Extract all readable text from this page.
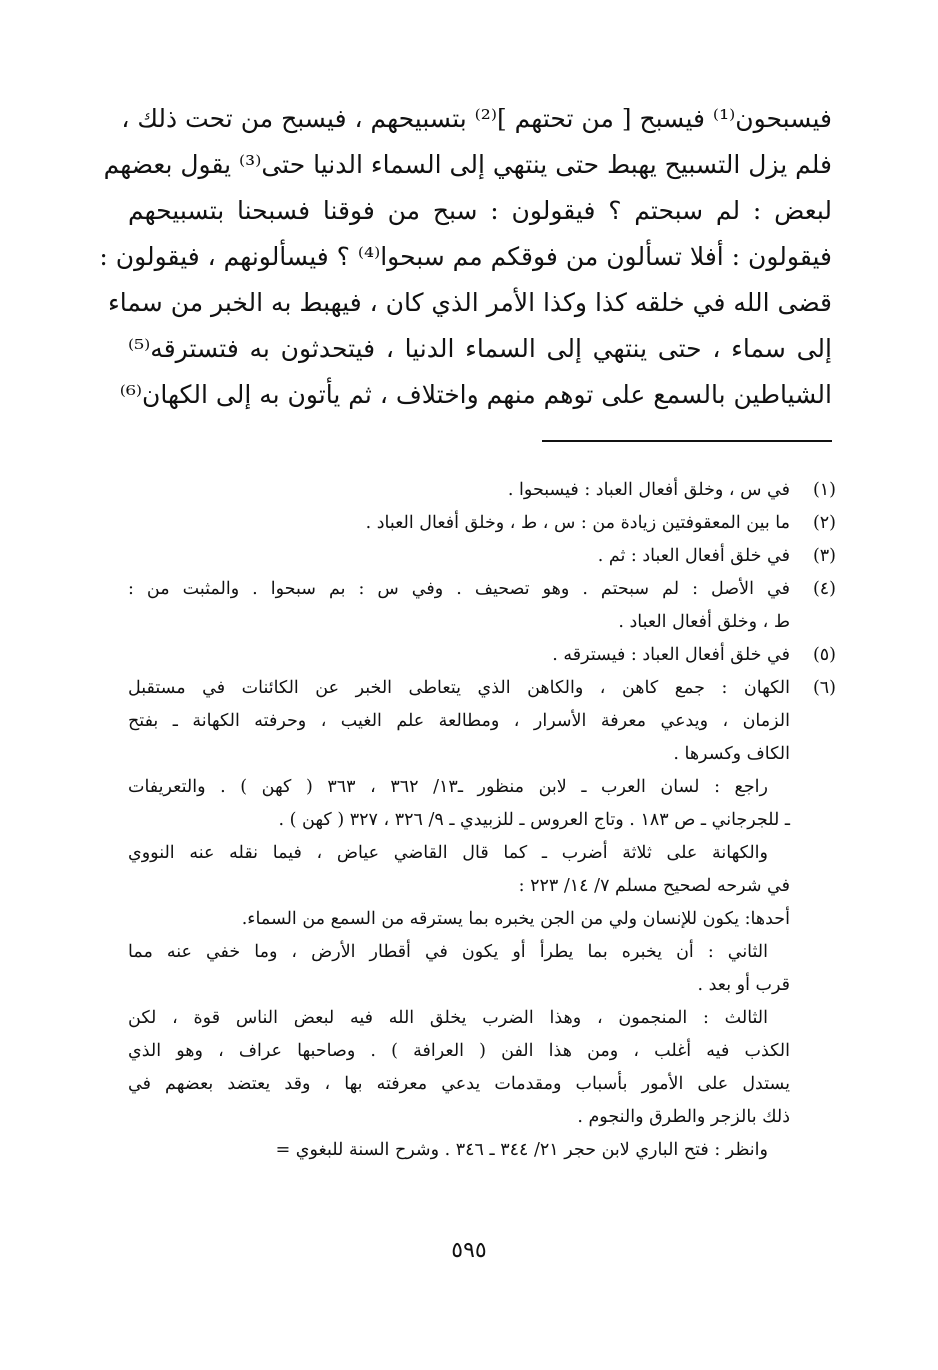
فيسبحون⁽¹⁾ فيسبح [ من تحتهم ]⁽²⁾ بتسبيحهم ، فيسبح من تحت ذلك ،
فلم يزل التسبيح يهبط حتى ينتهي إلى السماء الدنيا حتى⁽³⁾ يقول بعضهم
لبعض : لم سبحتم ؟ فيقولون : سبح من فوقنا فسبحنا بتسبيحهم
فيقولون : أفلا تسألون من فوقكم مم سبحوا⁽⁴⁾ ؟ فيسألونهم ، فيقولون :
قضى الله في خلقه كذا وكذا الأمر الذي كان ، فيهبط به الخبر من سماء
إلى سماء ، حتى ينتهي إلى السماء الدنيا ، فيتحدثون به فتسترقه⁽⁵⁾
الشياطين بالسمع على توهم منهم واختلاف ، ثم يأتون به إلى الكهان⁽⁶⁾
(١)
في س ، وخلق أفعال العباد : فيسبحوا .
(٢)
ما بين المعقوفتين زيادة من : س ، ط ، وخلق أفعال العباد .
(٣)
في خلق أفعال العباد : ثم .
(٤)
في الأصل : لم سبحتم . وهو تصحيف . وفي س : بم سبحوا . والمثبت من :
ط ، وخلق أفعال العباد .
(٥)
في خلق أفعال العباد : فيسترقه .
(٦)
الكهان : جمع كاهن ، والكاهن الذي يتعاطى الخبر عن الكائنات في مستقبل
الزمان ، ويدعي معرفة الأسرار ، ومطالعة علم الغيب ، وحرفته الكهانة ـ بفتح
الكاف وكسرها .
راجع : لسان العرب ـ لابن منظور ـ١٣/ ٣٦٢ ، ٣٦٣ ( كهن ) . والتعريفات
ـ للجرجاني ـ ص ١٨٣ . وتاج العروس ـ للزبيدي ـ ٩/ ٣٢٦ ، ٣٢٧ ( كهن ) .
والكهانة على ثلاثة أضرب ـ كما قال القاضي عياض ، فيما نقله عنه النووي
في شرحه لصحيح مسلم ٧/ ١٤/ ٢٢٣ :
أحدها: يكون للإنسان ولي من الجن يخبره بما يسترقه من السمع من السماء.
الثاني : أن يخبره بما يطرأ أو يكون في أقطار الأرض ، وما خفي عنه مما
قرب أو بعد .
الثالث : المنجمون ، وهذا الضرب يخلق الله فيه لبعض الناس قوة ، لكن
الكذب فيه أغلب ، ومن هذا الفن ( العرافة ) . وصاحبها عراف ، وهو الذي
يستدل على الأمور بأسباب ومقدمات يدعي معرفته بها ، وقد يعتضد بعضهم في
ذلك بالزجر والطرق والنجوم .
وانظر : فتح الباري لابن حجر ٢١/ ٣٤٤ ـ ٣٤٦ . وشرح السنة للبغوي =
٥٩٥
